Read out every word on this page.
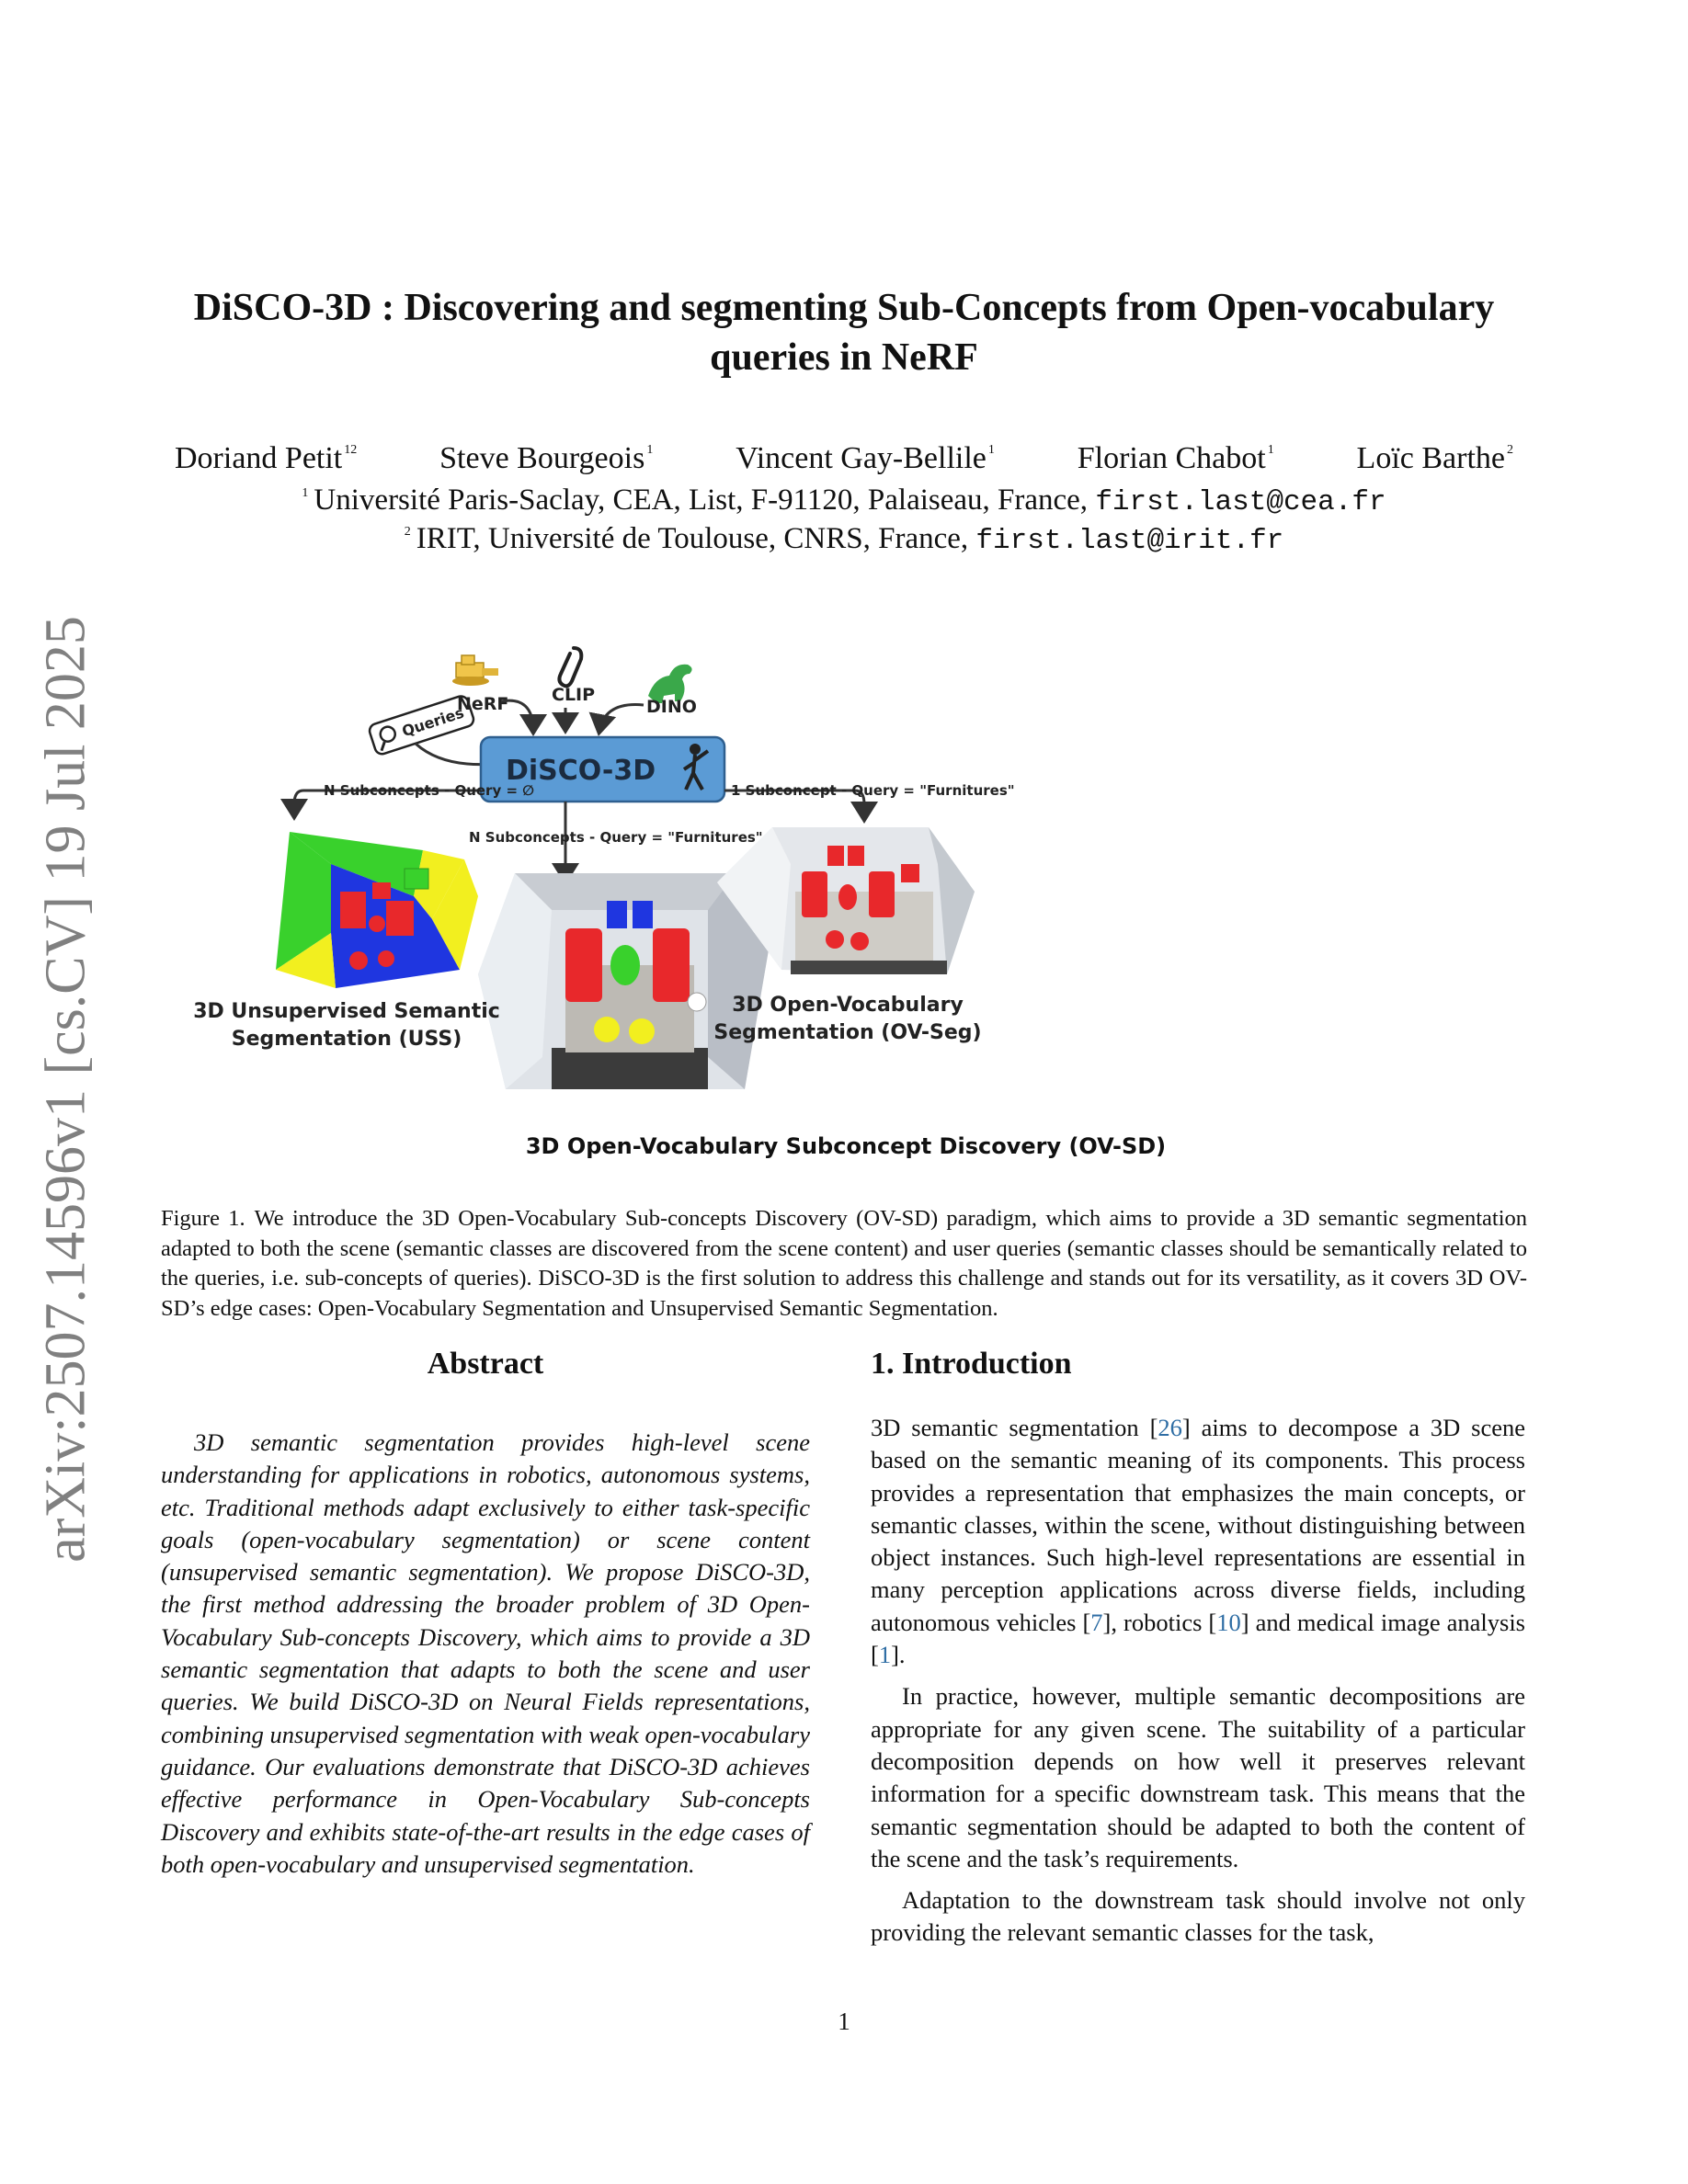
arXiv:2507.14596v1 [cs.CV] 19 Jul 2025
DiSCO-3D : Discovering and segmenting Sub-Concepts from Open-vocabulary
queries in NeRF
Doriand Petit $^{12}$	Steve Bourgeois $^1$	Vincent Gay-Bellile $^1$	Florian Chabot $^1$	Loïc Barthe $^2$
$^1$ Université Paris-Saclay, CEA, List, F-91120, Palaiseau, France, first.last@cea.fr
$^2$ IRIT, Université de Toulouse, CNRS, France, first.last@irit.fr
Queries
NeRF CLIP
DINO
DiSCO-3D
N Subconcepts - Query = ∅	1 Subconcept - Query = "Furnitures"
N Subconcepts - Query = "Furnitures"
3D Unsupervised Semantic
Segmentation (USS)
3D Open-Vocabulary
Segmentation (OV-Seg)
3D Open-Vocabulary Subconcept Discovery (OV-SD)
Figure 1. We introduce the 3D Open-Vocabulary Sub-concepts Discovery (OV-SD) paradigm, which aims to provide a 3D semantic segmentation adapted to both the scene (semantic classes are discovered from the scene content) and user queries (semantic classes should be semantically related to the queries, i.e. sub-concepts of queries). DiSCO-3D is the first solution to address this challenge and stands out for its versatility, as it covers 3D OV-SD’s edge cases: Open-Vocabulary Segmentation and Unsupervised Semantic Segmentation.
Abstract
3D semantic segmentation provides high-level scene understanding for applications in robotics, autonomous systems, etc. Traditional methods adapt exclusively to either task-specific goals (open-vocabulary segmentation) or scene content (unsupervised semantic segmentation). We propose DiSCO-3D, the first method addressing the broader problem of 3D Open-Vocabulary Sub-concepts Discovery, which aims to provide a 3D semantic segmentation that adapts to both the scene and user queries. We build DiSCO-3D on Neural Fields representations, combining unsupervised segmentation with weak open-vocabulary guidance. Our evaluations demonstrate that DiSCO-3D achieves effective performance in Open-Vocabulary Sub-concepts Discovery and exhibits state-of-the-art results in the edge cases of both open-vocabulary and unsupervised segmentation.
1. Introduction

3D semantic segmentation [26] aims to decompose a 3D scene based on the semantic meaning of its components. This process provides a representation that emphasizes the main concepts, or semantic classes, within the scene, without distinguishing between object instances. Such high-level representations are essential in many perception applications across diverse fields, including autonomous vehicles [7], robotics [10] and medical image analysis [1].

In practice, however, multiple semantic decompositions are appropriate for any given scene. The suitability of a particular decomposition depends on how well it preserves relevant information for a specific downstream task. This means that the semantic segmentation should be adapted to both the content of the scene and the task’s requirements.

Adaptation to the downstream task should involve not only providing the relevant semantic classes for the task,

1
